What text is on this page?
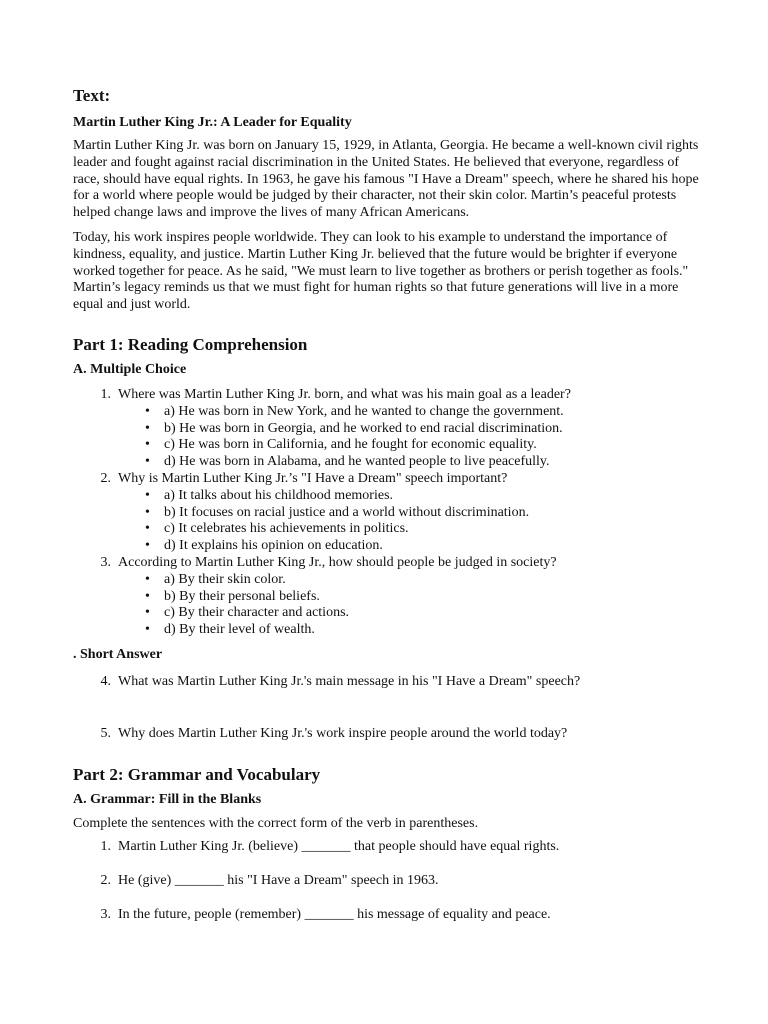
Text:
Martin Luther King Jr.: A Leader for Equality

Martin Luther King Jr. was born on January 15, 1929, in Atlanta, Georgia. He became a well-known civil rights leader and fought against racial discrimination in the United States. He believed that everyone, regardless of race, should have equal rights. In 1963, he gave his famous "I Have a Dream" speech, where he shared his hope for a world where people would be judged by their character, not their skin color. Martin’s peaceful protests helped change laws and improve the lives of many African Americans.

Today, his work inspires people worldwide. They can look to his example to understand the importance of kindness, equality, and justice. Martin Luther King Jr. believed that the future would be brighter if everyone worked together for peace. As he said, "We must learn to live together as brothers or perish together as fools." Martin’s legacy reminds us that we must fight for human rights so that future generations will live in a more equal and just world.

Part 1: Reading Comprehension
A. Multiple Choice
1. Where was Martin Luther King Jr. born, and what was his main goal as a leader?
• a) He was born in New York, and he wanted to change the government.
• b) He was born in Georgia, and he worked to end racial discrimination.
• c) He was born in California, and he fought for economic equality.
• d) He was born in Alabama, and he wanted people to live peacefully.
2. Why is Martin Luther King Jr.’s "I Have a Dream" speech important?
• a) It talks about his childhood memories.
• b) It focuses on racial justice and a world without discrimination.
• c) It celebrates his achievements in politics.
• d) It explains his opinion on education.
3. According to Martin Luther King Jr., how should people be judged in society?
• a) By their skin color.
• b) By their personal beliefs.
• c) By their character and actions.
• d) By their level of wealth.
. Short Answer
4. What was Martin Luther King Jr.'s main message in his "I Have a Dream" speech?
5. Why does Martin Luther King Jr.'s work inspire people around the world today?
Part 2: Grammar and Vocabulary
A. Grammar: Fill in the Blanks

Complete the sentences with the correct form of the verb in parentheses.

1. Martin Luther King Jr. (believe) _______ that people should have equal rights.
2. He (give) _______ his "I Have a Dream" speech in 1963.
3. In the future, people (remember) _______ his message of equality and peace.
